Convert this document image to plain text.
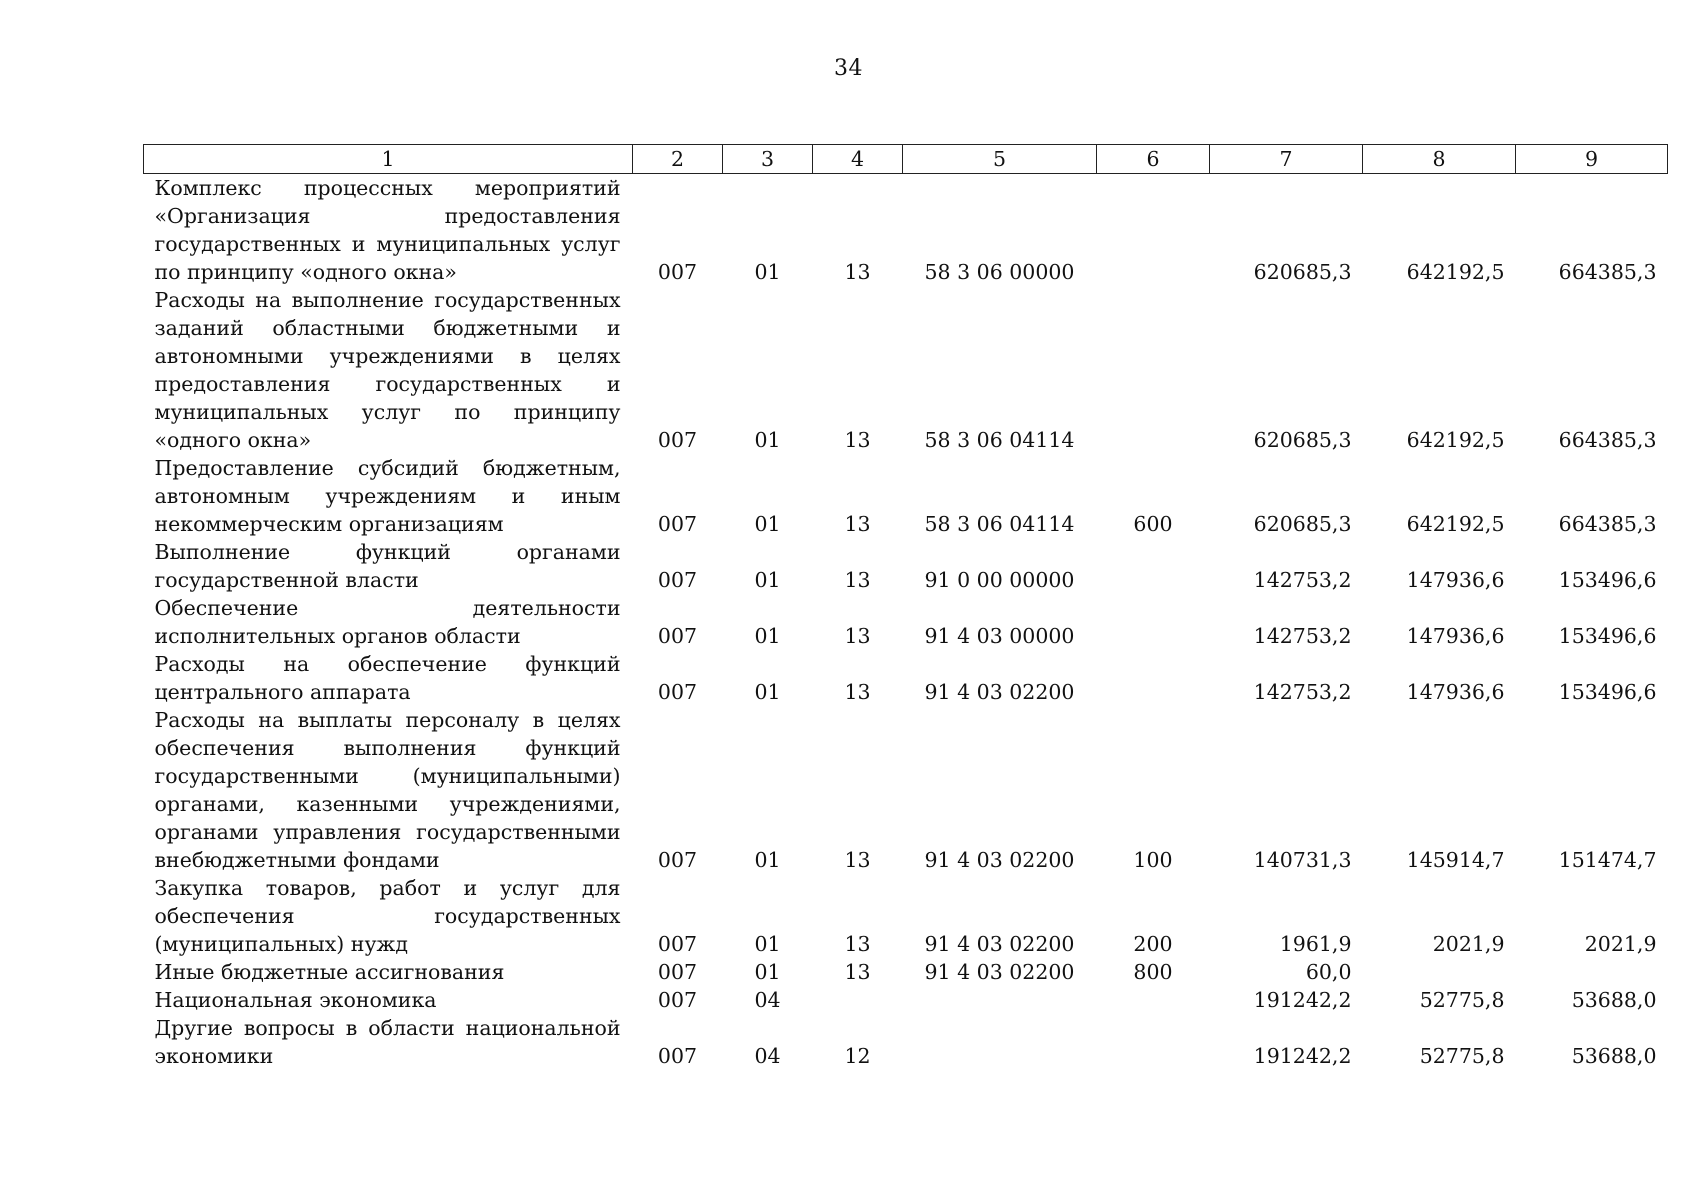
34
1	2	3	4	5	6	7	8	9
Комплекс процессных мероприятий «Организация предоставления государственных и муниципальных услуг по принципу «одного окна»	007	01	13	58 3 06 00000		620685,3	642192,5	664385,3
Расходы на выполнение государственных заданий областными бюджетными и автономными учреждениями в целях предоставления государственных и муниципальных услуг по принципу «одного окна»	007	01	13	58 3 06 04114		620685,3	642192,5	664385,3
Предоставление субсидий бюджетным, автономным учреждениям и иным некоммерческим организациям	007	01	13	58 3 06 04114	600	620685,3	642192,5	664385,3
Выполнение функций органами государственной власти	007	01	13	91 0 00 00000		142753,2	147936,6	153496,6
Обеспечение деятельности исполнительных органов области	007	01	13	91 4 03 00000		142753,2	147936,6	153496,6
Расходы на обеспечение функций центрального аппарата	007	01	13	91 4 03 02200		142753,2	147936,6	153496,6
Расходы на выплаты персоналу в целях обеспечения выполнения функций государственными (муниципальными) органами, казенными учреждениями, органами управления государственными внебюджетными фондами	007	01	13	91 4 03 02200	100	140731,3	145914,7	151474,7
Закупка товаров, работ и услуг для обеспечения государственных (муниципальных) нужд	007	01	13	91 4 03 02200	200	1961,9	2021,9	2021,9
Иные бюджетные ассигнования	007	01	13	91 4 03 02200	800	60,0		
Национальная экономика	007	04				191242,2	52775,8	53688,0
Другие вопросы в области национальной экономики	007	04	12			191242,2	52775,8	53688,0
